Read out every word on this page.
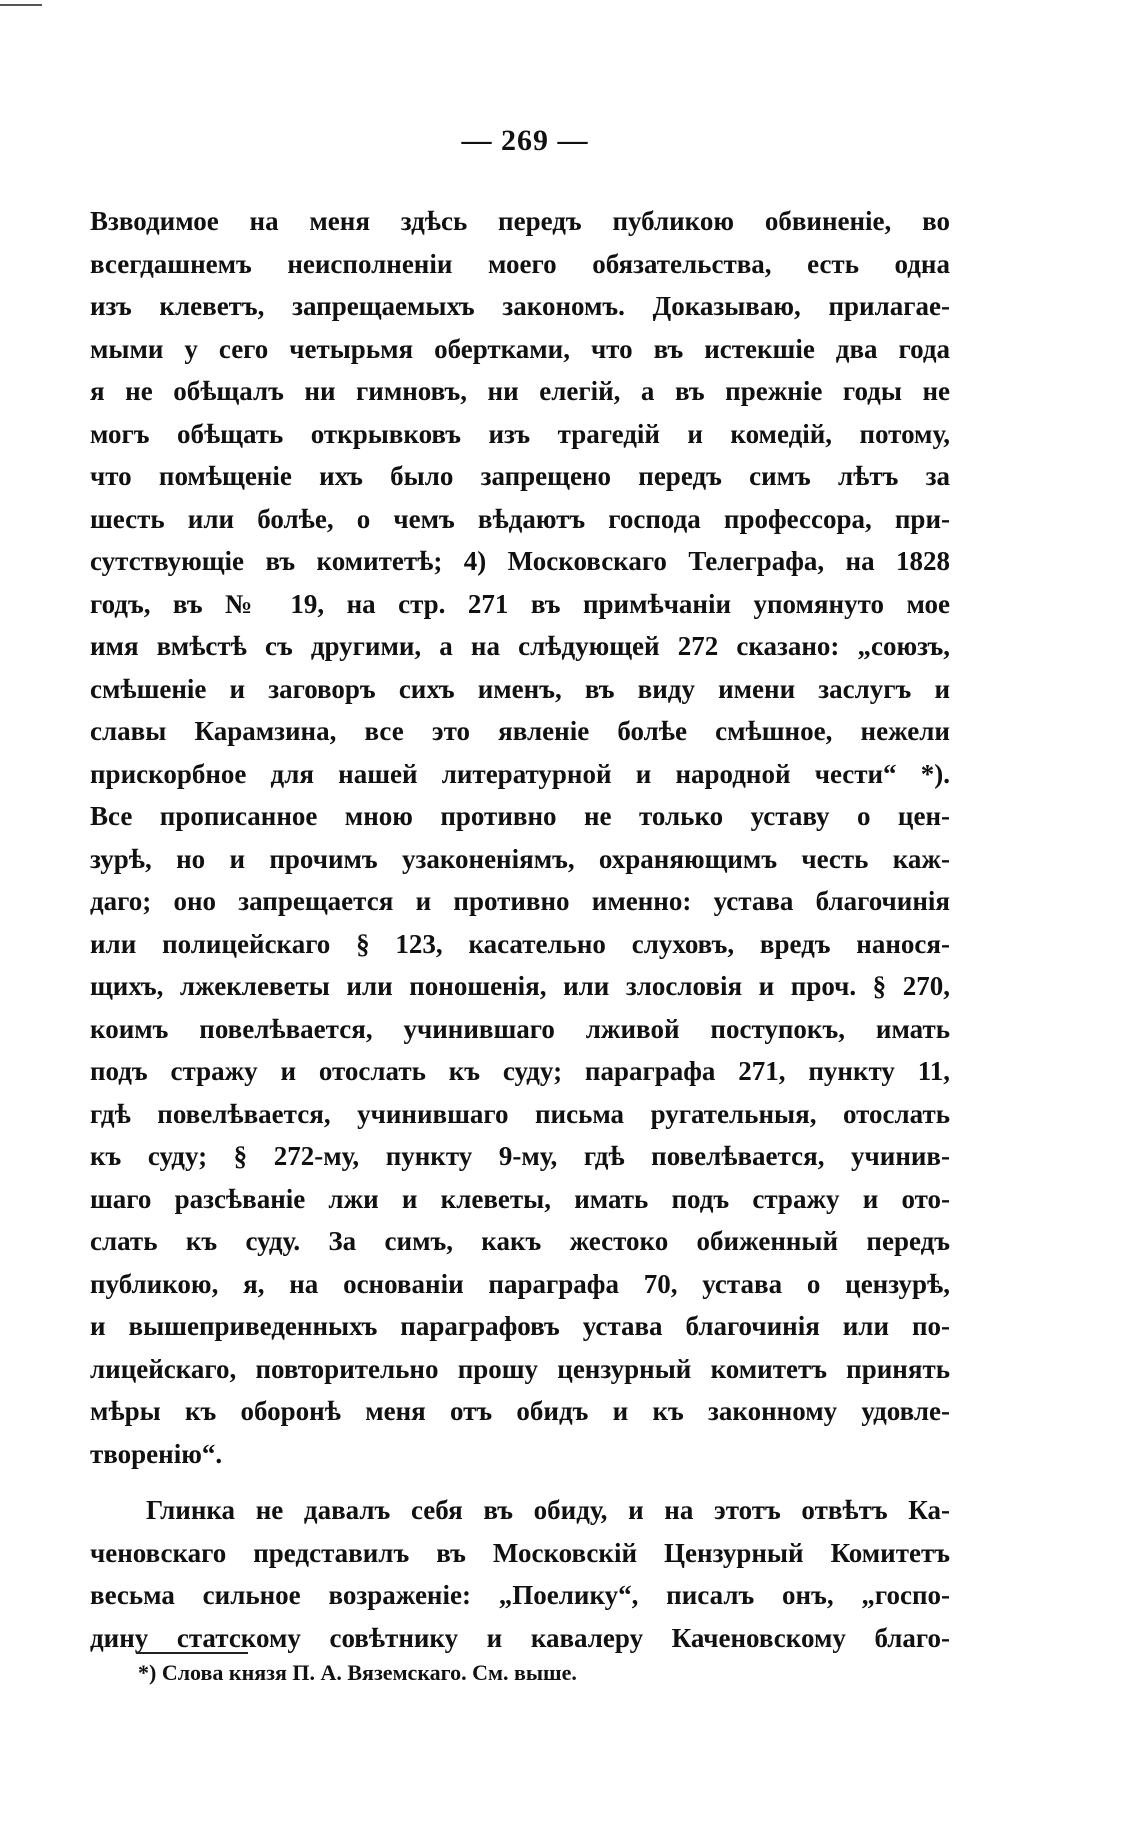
— 269 —
Взводимое на меня здѣсь передъ публикою обвиненіе, во
всегдашнемъ неисполненіи моего обязательства, есть одна
изъ клеветъ, запрещаемыхъ закономъ. Доказываю, прилагае-
мыми у сего четырьмя обертками, что въ истекшіе два года
я не обѣщалъ ни гимновъ, ни елегій, а въ прежніе годы не
могъ обѣщать открывковъ изъ трагедій и комедій, потому,
что помѣщеніе ихъ было запрещено передъ симъ лѣтъ за
шесть или болѣе, о чемъ вѣдаютъ господа профессора, при-
сутствующіе въ комитетѣ; 4) Московскаго Телеграфа, на 1828
годъ, въ № 19, на стр. 271 въ примѣчаніи упомянуто мое
имя вмѣстѣ съ другими, а на слѣдующей 272 сказано: „союзъ,
смѣшеніе и заговоръ сихъ именъ, въ виду имени заслугъ и
славы Карамзина, все это явленіе болѣе смѣшное, нежели
прискорбное для нашей литературной и народной чести“ *).
Все прописанное мною противно не только уставу о цен-
зурѣ, но и прочимъ узаконеніямъ, охраняющимъ честь каж-
даго; оно запрещается и противно именно: устава благочинія
или полицейскаго § 123, касательно слуховъ, вредъ нанося-
щихъ, лжеклеветы или поношенія, или злословія и проч. § 270,
коимъ повелѣвается, учинившаго лживой поступокъ, имать
подъ стражу и отослать къ суду; параграфа 271, пункту 11,
гдѣ повелѣвается, учинившаго письма ругательныя, отослать
къ суду; § 272-му, пункту 9-му, гдѣ повелѣвается, учинив-
шаго разсѣваніе лжи и клеветы, имать подъ стражу и ото-
слать къ суду. За симъ, какъ жестоко обиженный передъ
публикою, я, на основаніи параграфа 70, устава о цензурѣ,
и вышеприведенныхъ параграфовъ устава благочинія или по-
лицейскаго, повторительно прошу цензурный комитетъ принять
мѣры къ оборонѣ меня отъ обидъ и къ законному удовле-
творенію“.
Глинка не давалъ себя въ обиду, и на этотъ отвѣтъ Ка-
ченовскаго представилъ въ Московскій Цензурный Комитетъ
весьма сильное возраженіе: „Поелику“, писалъ онъ, „госпо-
дину статскому совѣтнику и кавалеру Каченовскому благо-
*) Слова князя П. А. Вяземскаго. См. выше.
